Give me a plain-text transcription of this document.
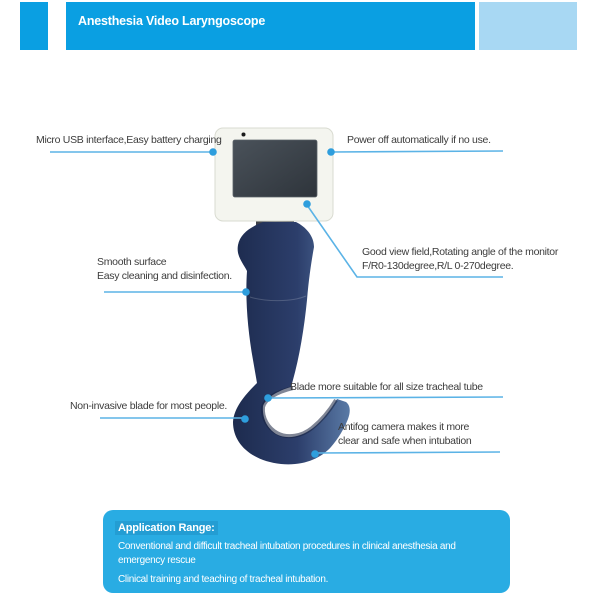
Anesthesia Video Laryngoscope
Micro USB interface,Easy battery charging	Power off automatically if no use.
Good view field,Rotating angle of the monitor
F/R0-130degree,R/L 0-270degree.
Smooth surface
Easy cleaning and disinfection.
Blade more suitable for all size tracheal tube
Non-invasive blade for most people.
Antifog camera makes it more
clear and safe when intubation
Application Range:

Conventional and difficult tracheal intubation procedures in clinical anesthesia and emergency rescue

Clinical training and teaching of tracheal intubation.
